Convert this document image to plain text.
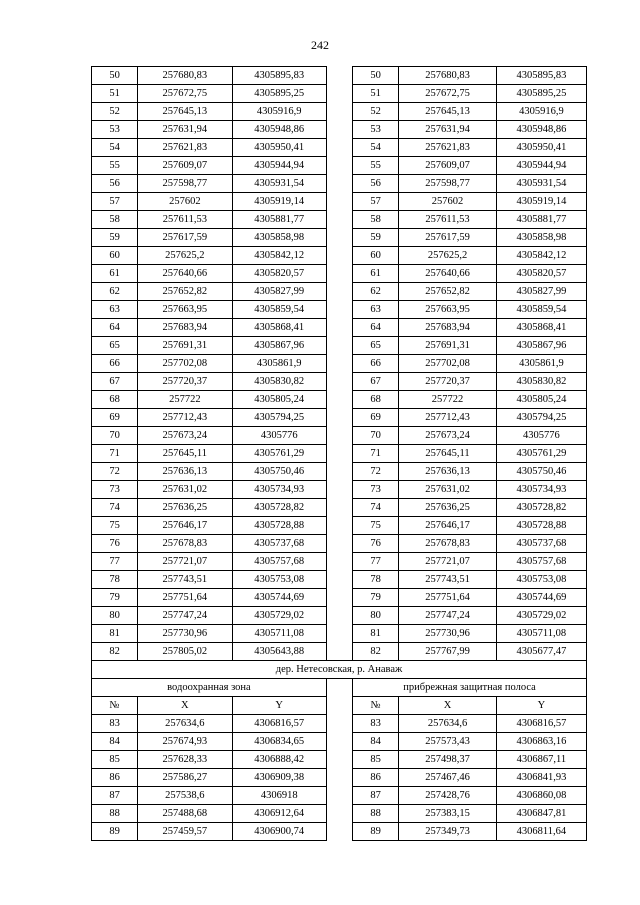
242
50	257680,83	4305895,83		50	257680,83	4305895,83
51	257672,75	4305895,25		51	257672,75	4305895,25
52	257645,13	4305916,9		52	257645,13	4305916,9
53	257631,94	4305948,86		53	257631,94	4305948,86
54	257621,83	4305950,41		54	257621,83	4305950,41
55	257609,07	4305944,94		55	257609,07	4305944,94
56	257598,77	4305931,54		56	257598,77	4305931,54
57	257602	4305919,14		57	257602	4305919,14
58	257611,53	4305881,77		58	257611,53	4305881,77
59	257617,59	4305858,98		59	257617,59	4305858,98
60	257625,2	4305842,12		60	257625,2	4305842,12
61	257640,66	4305820,57		61	257640,66	4305820,57
62	257652,82	4305827,99		62	257652,82	4305827,99
63	257663,95	4305859,54		63	257663,95	4305859,54
64	257683,94	4305868,41		64	257683,94	4305868,41
65	257691,31	4305867,96		65	257691,31	4305867,96
66	257702,08	4305861,9		66	257702,08	4305861,9
67	257720,37	4305830,82		67	257720,37	4305830,82
68	257722	4305805,24		68	257722	4305805,24
69	257712,43	4305794,25		69	257712,43	4305794,25
70	257673,24	4305776		70	257673,24	4305776
71	257645,11	4305761,29		71	257645,11	4305761,29
72	257636,13	4305750,46		72	257636,13	4305750,46
73	257631,02	4305734,93		73	257631,02	4305734,93
74	257636,25	4305728,82		74	257636,25	4305728,82
75	257646,17	4305728,88		75	257646,17	4305728,88
76	257678,83	4305737,68		76	257678,83	4305737,68
77	257721,07	4305757,68		77	257721,07	4305757,68
78	257743,51	4305753,08		78	257743,51	4305753,08
79	257751,64	4305744,69		79	257751,64	4305744,69
80	257747,24	4305729,02		80	257747,24	4305729,02
81	257730,96	4305711,08		81	257730,96	4305711,08
82	257805,02	4305643,88		82	257767,99	4305677,47
дер. Нетесовская, р. Анаваж						
водоохранная зона				прибрежная защитная полоса		
№	X	Y		№	X	Y
83	257634,6	4306816,57		83	257634,6	4306816,57
84	257674,93	4306834,65		84	257573,43	4306863,16
85	257628,33	4306888,42		85	257498,37	4306867,11
86	257586,27	4306909,38		86	257467,46	4306841,93
87	257538,6	4306918		87	257428,76	4306860,08
88	257488,68	4306912,64		88	257383,15	4306847,81
89	257459,57	4306900,74		89	257349,73	4306811,64
